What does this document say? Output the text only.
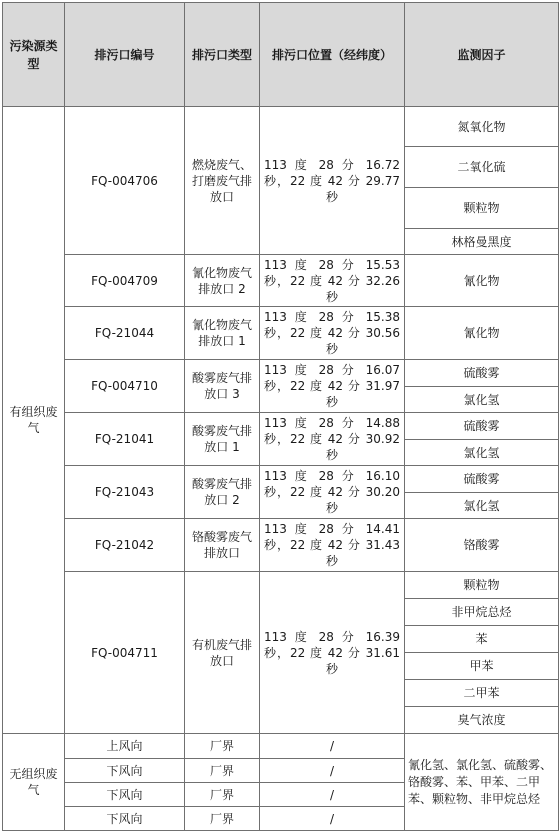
污染源类型	排污口编号	排污口类型	排污口位置（经纬度）	监测因子
有组织废气	FQ-004706	燃烧废气、打磨废气排放口	113 度 28 分 16.72 秒，22 度 42 分 29.77 秒	氮氧化物
				二氧化硫
				颗粒物
				林格曼黑度
	FQ-004709	氰化物废气排放口 2	113 度 28 分 15.53 秒，22 度 42 分 32.26 秒	氰化物
	FQ-21044	氰化物废气排放口 1	113 度 28 分 15.38 秒，22 度 42 分 30.56 秒	氰化物
	FQ-004710	酸雾废气排放口 3	113 度 28 分 16.07 秒，22 度 42 分 31.97 秒	硫酸雾
				氯化氢
	FQ-21041	酸雾废气排放口 1	113 度 28 分 14.88 秒，22 度 42 分 30.92 秒	硫酸雾
				氯化氢
	FQ-21043	酸雾废气排放口 2	113 度 28 分 16.10 秒，22 度 42 分 30.20 秒	硫酸雾
				氯化氢
	FQ-21042	铬酸雾废气排放口	113 度 28 分 14.41 秒，22 度 42 分 31.43 秒	铬酸雾
	FQ-004711	有机废气排放口	113 度 28 分 16.39 秒，22 度 42 分 31.61 秒	颗粒物
				非甲烷总烃
				苯
				甲苯
				二甲苯
				臭气浓度
无组织废气	上风向	厂界	/	氰化氢、氯化氢、硫酸雾、铬酸雾、苯、甲苯、二甲苯、颗粒物、非甲烷总烃
	下风向	厂界	/	
	下风向	厂界	/	
	下风向	厂界	/	
